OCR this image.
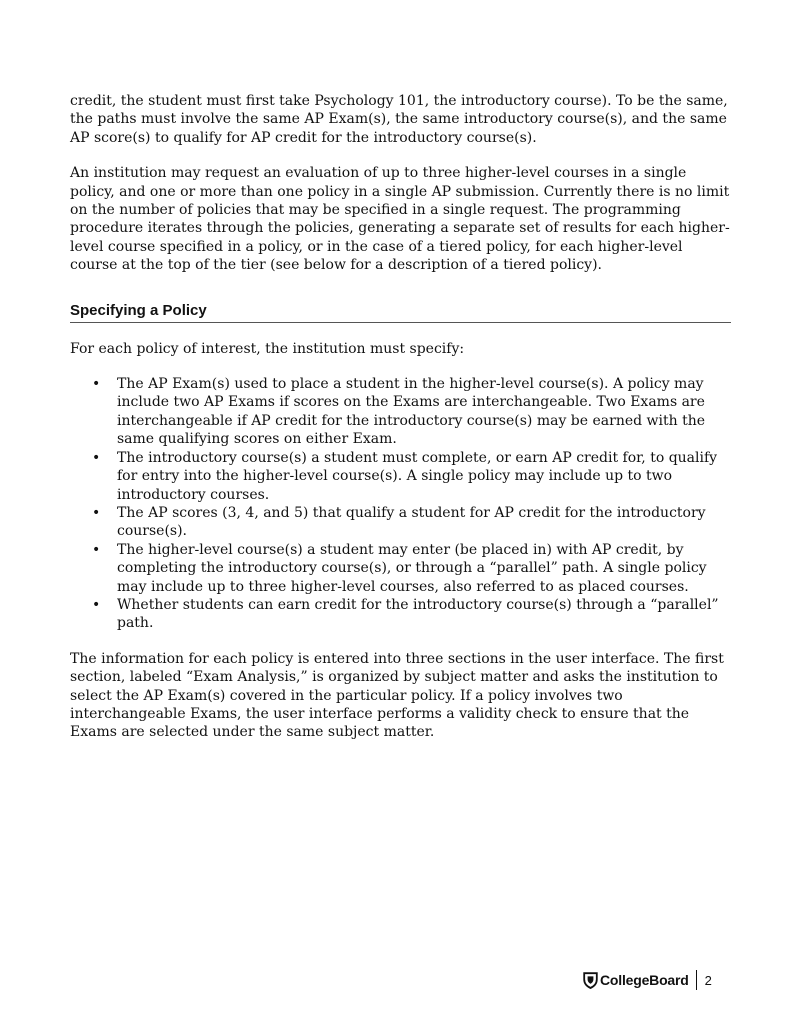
credit, the student must first take Psychology 101, the introductory course). To be the same, the paths must involve the same AP Exam(s), the same introductory course(s), and the same AP score(s) to qualify for AP credit for the introductory course(s).

An institution may request an evaluation of up to three higher-level courses in a single policy, and one or more than one policy in a single AP submission. Currently there is no limit on the number of policies that may be specified in a single request. The programming procedure iterates through the policies, generating a separate set of results for each higher-level course specified in a policy, or in the case of a tiered policy, for each higher-level course at the top of the tier (see below for a description of a tiered policy).

Specifying a Policy

For each policy of interest, the institution must specify:

• The AP Exam(s) used to place a student in the higher-level course(s). A policy may include two AP Exams if scores on the Exams are interchangeable. Two Exams are interchangeable if AP credit for the introductory course(s) may be earned with the same qualifying scores on either Exam.
• The introductory course(s) a student must complete, or earn AP credit for, to qualify for entry into the higher-level course(s). A single policy may include up to two introductory courses.
• The AP scores (3, 4, and 5) that qualify a student for AP credit for the introductory course(s).
• The higher-level course(s) a student may enter (be placed in) with AP credit, by completing the introductory course(s), or through a “parallel” path. A single policy may include up to three higher-level courses, also referred to as placed courses.
• Whether students can earn credit for the introductory course(s) through a “parallel” path.

The information for each policy is entered into three sections in the user interface. The first section, labeled “Exam Analysis,” is organized by subject matter and asks the institution to select the AP Exam(s) covered in the particular policy. If a policy involves two interchangeable Exams, the user interface performs a validity check to ensure that the Exams are selected under the same subject matter.

CollegeBoard 2
